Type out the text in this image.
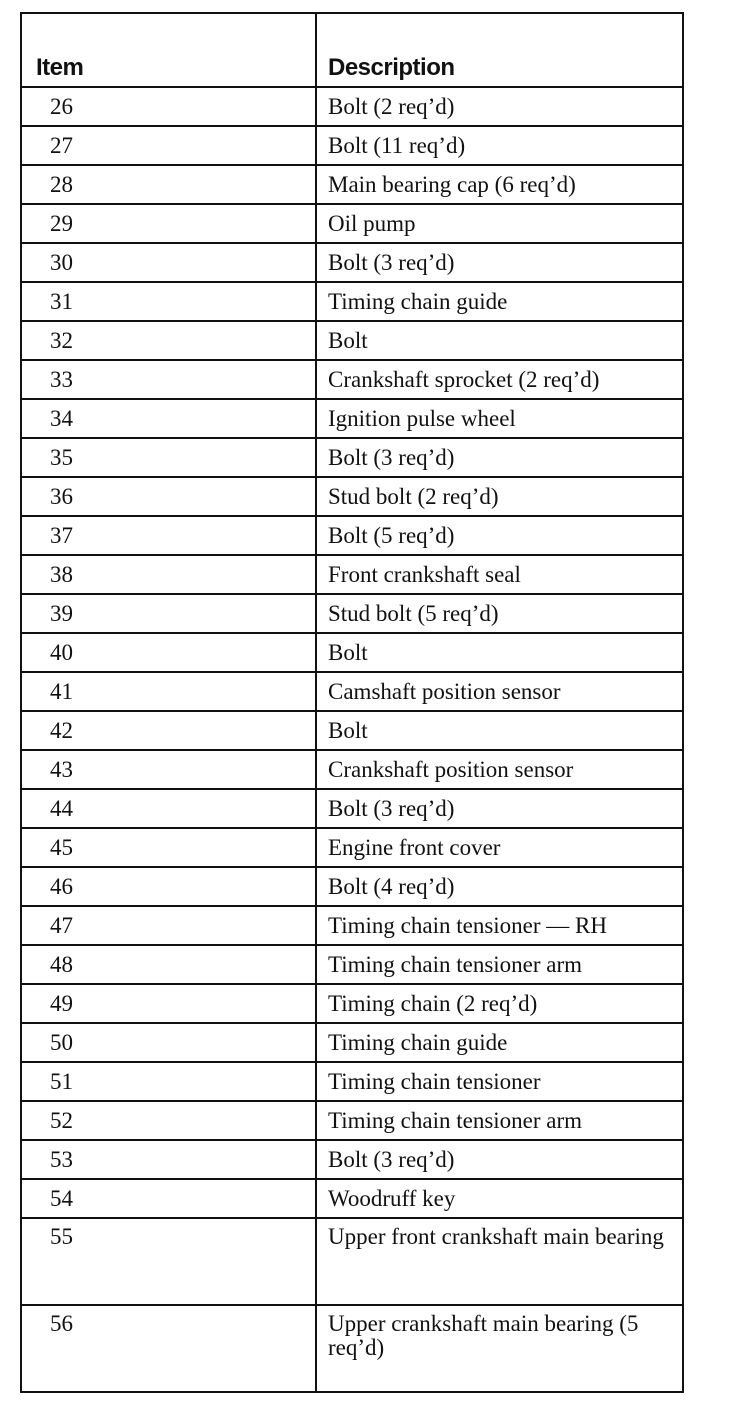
Item	Description
26	Bolt (2 req’d)
27	Bolt (11 req’d)
28	Main bearing cap (6 req’d)
29	Oil pump
30	Bolt (3 req’d)
31	Timing chain guide
32	Bolt
33	Crankshaft sprocket (2 req’d)
34	Ignition pulse wheel
35	Bolt (3 req’d)
36	Stud bolt (2 req’d)
37	Bolt (5 req’d)
38	Front crankshaft seal
39	Stud bolt (5 req’d)
40	Bolt
41	Camshaft position sensor
42	Bolt
43	Crankshaft position sensor
44	Bolt (3 req’d)
45	Engine front cover
46	Bolt (4 req’d)
47	Timing chain tensioner — RH
48	Timing chain tensioner arm
49	Timing chain (2 req’d)
50	Timing chain guide
51	Timing chain tensioner
52	Timing chain tensioner arm
53	Bolt (3 req’d)
54	Woodruff key
55	Upper front crankshaft main bearing
56	Upper crankshaft main bearing (5 req’d)
